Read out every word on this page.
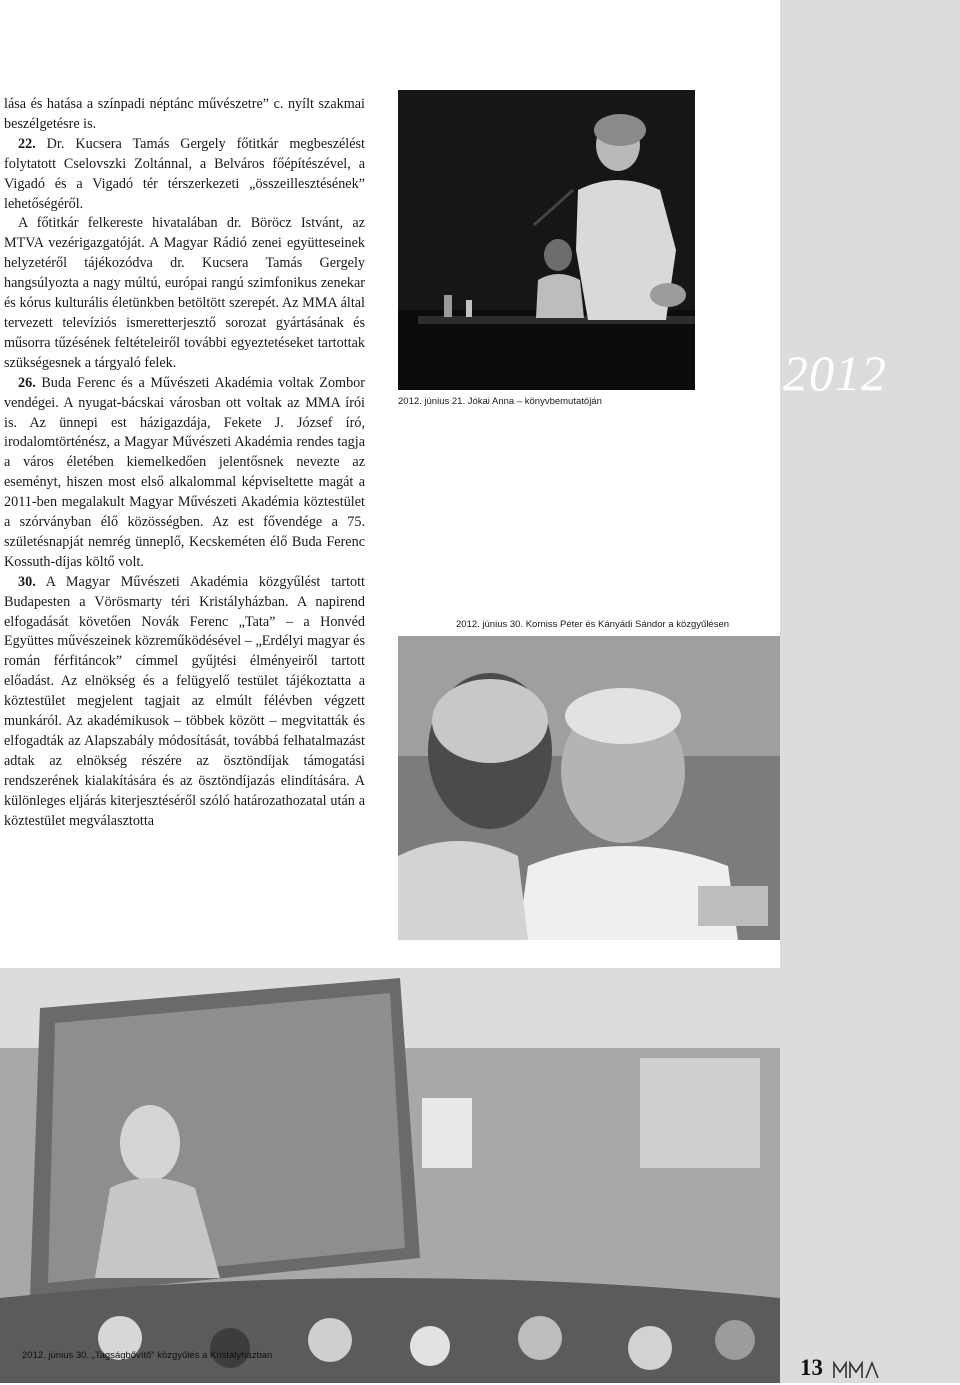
2012

lása és hatása a színpadi néptánc művészetre” c. nyílt szakmai beszélgetésre is.

22. Dr. Kucsera Tamás Gergely főtitkár megbeszélést folytatott Cselovszki Zoltánnal, a Belváros főépítészével, a Vigadó és a Vigadó tér térszerkezeti „összeillesztésének” lehetőségéről.

A főtitkár felkereste hivatalában dr. Böröcz Istvánt, az MTVA vezérigazgatóját. A Magyar Rádió zenei együtteseinek helyzetéről tájékozódva dr. Kucsera Tamás Gergely hangsúlyozta a nagy múltú, európai rangú szimfonikus zenekar és kórus kulturális életünkben betöltött szerepét. Az MMA által tervezett televíziós ismeretterjesztő sorozat gyártásának és műsorra tűzésének feltételeiről további egyeztetéseket tartottak szükségesnek a tárgyaló felek.

26. Buda Ferenc és a Művészeti Akadémia voltak Zombor vendégei. A nyugat-bácskai városban ott voltak az MMA írói is. Az ünnepi est házigazdája, Fekete J. József író, irodalomtörténész, a Magyar Művészeti Akadémia rendes tagja a város életében kiemelkedően jelentősnek nevezte az eseményt, hiszen most első alkalommal képviseltette magát a 2011-ben megalakult Magyar Művészeti Akadémia köztestület a szórványban élő közösségben. Az est fővendége a 75. születésnapját nemrég ünneplő, Kecskeméten élő Buda Ferenc Kossuth-díjas költő volt.

30. A Magyar Művészeti Akadémia közgyűlést tartott Budapesten a Vörösmarty téri Kristályházban. A napirend elfogadását követően Novák Ferenc „Tata” – a Honvéd Együttes művészeinek közreműködésével – „Erdélyi magyar és román férfitáncok” címmel gyűjtési élményeiről tartott előadást. Az elnökség és a felügyelő testület tájékoztatta a köztestület megjelent tagjait az elmúlt félévben végzett munkáról. Az akadémikusok – többek között – megvitatták és elfogadták az Alapszabály módosítását, továbbá felhatalmazást adtak az elnökség részére az ösztöndíjak támogatási rendszerének kialakítására és az ösztöndíjazás elindítására. A különleges eljárás kiterjesztéséről szóló határozathozatal után a köztestület megválasztotta

2012. június 21. Jókai Anna – könyvbemutatóján
2012. június 30. Korniss Péter és Kányádi Sándor a közgyűlésen
2012. június 30. „Tagságbővítő” közgyűlés a Kristályházban	13
